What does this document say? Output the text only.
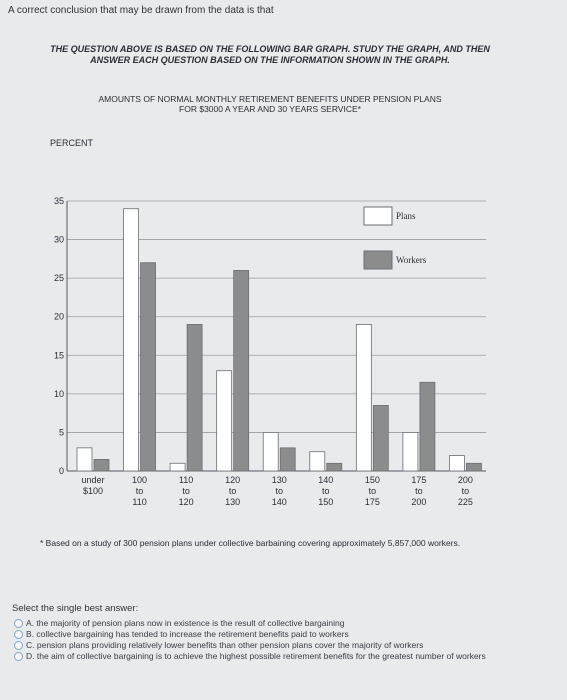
A correct conclusion that may be drawn from the data is that
THE QUESTION ABOVE IS BASED ON THE FOLLOWING BAR GRAPH. STUDY THE GRAPH, AND THEN ANSWER EACH QUESTION BASED ON THE INFORMATION SHOWN IN THE GRAPH.
AMOUNTS OF NORMAL MONTHLY RETIREMENT BENEFITS UNDER PENSION PLANS FOR $3000 A YEAR AND 30 YEARS SERVICE*
PERCENT
0
5
10
15
20
25
30
35
under
$100
100
to
110
110
to
120
120
to
130
130
to
140
140
to
150
150
to
175
175
to
200
200
to
225
Plans
Workers
* Based on a study of 300 pension plans under collective barbaining covering approximately 5,857,000 workers.
Select the single best answer:
A. the majority of pension plans now in existence is the result of collective bargaining
B. collective bargaining has tended to increase the retirement benefits paid to workers
C. pension plans providing relatively lower benefits than other pension plans cover the majority of workers
D. the aim of collective bargaining is to achieve the highest possible retirement benefits for the greatest number of workers
